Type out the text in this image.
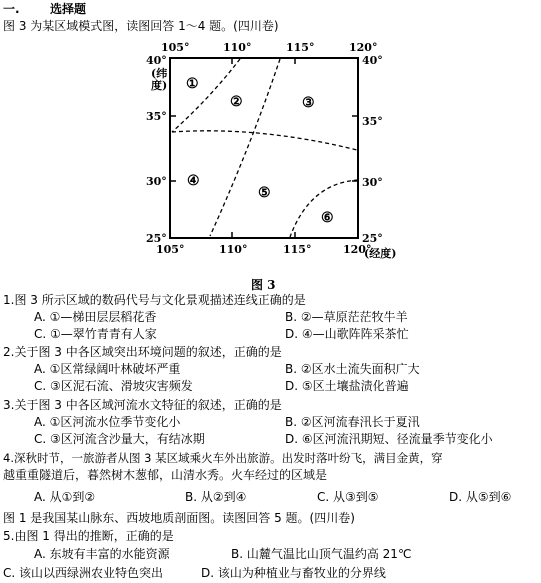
一.	选择题
图 3 为某区域模式图，读图回答 1～4 题。(四川卷)
105°	110°	115°	120°
105°	110°	115°	120°
(经度)
40°
35°
30°
25°
(纬度)
40°
35°
30°
25°
①
②	③
④
⑤
⑥
图 3
1.图 3 所示区域的数码代号与文化景观描述连线正确的是
A. ①—梯田层层稻花香	B. ②—草原茫茫牧牛羊
C. ①—翠竹青青有人家	D. ④—山歌阵阵采茶忙
2.关于图 3 中各区域突出环境问题的叙述，正确的是
A. ①区常绿阔叶林破坏严重	B. ②区水土流失面积广大
C. ③区泥石流、滑坡灾害频发	D. ⑤区土壤盐渍化普遍
3.关于图 3 中各区域河流水文特征的叙述，正确的是
A. ①区河流水位季节变化小	B. ②区河流春汛长于夏汛
C. ③区河流含沙量大，有结冰期	D. ⑥区河流汛期短、径流量季节变化小
4.深秋时节，一旅游者从图 3 某区域乘火车外出旅游。出发时落叶纷飞，满目金黄，穿
越重重隧道后，暮然树木葱郁，山清水秀。火车经过的区域是
A. 从①到②	B. 从②到④	C. 从③到⑤	D. 从⑤到⑥
图 1 是我国某山脉东、西坡地质剖面图。读图回答 5 题。(四川卷)
5.由图 1 得出的推断，正确的是
A. 东坡有丰富的水能资源	B. 山麓气温比山顶气温约高 21℃
C. 该山以西绿洲农业特色突出	D. 该山为种植业与畜牧业的分界线
